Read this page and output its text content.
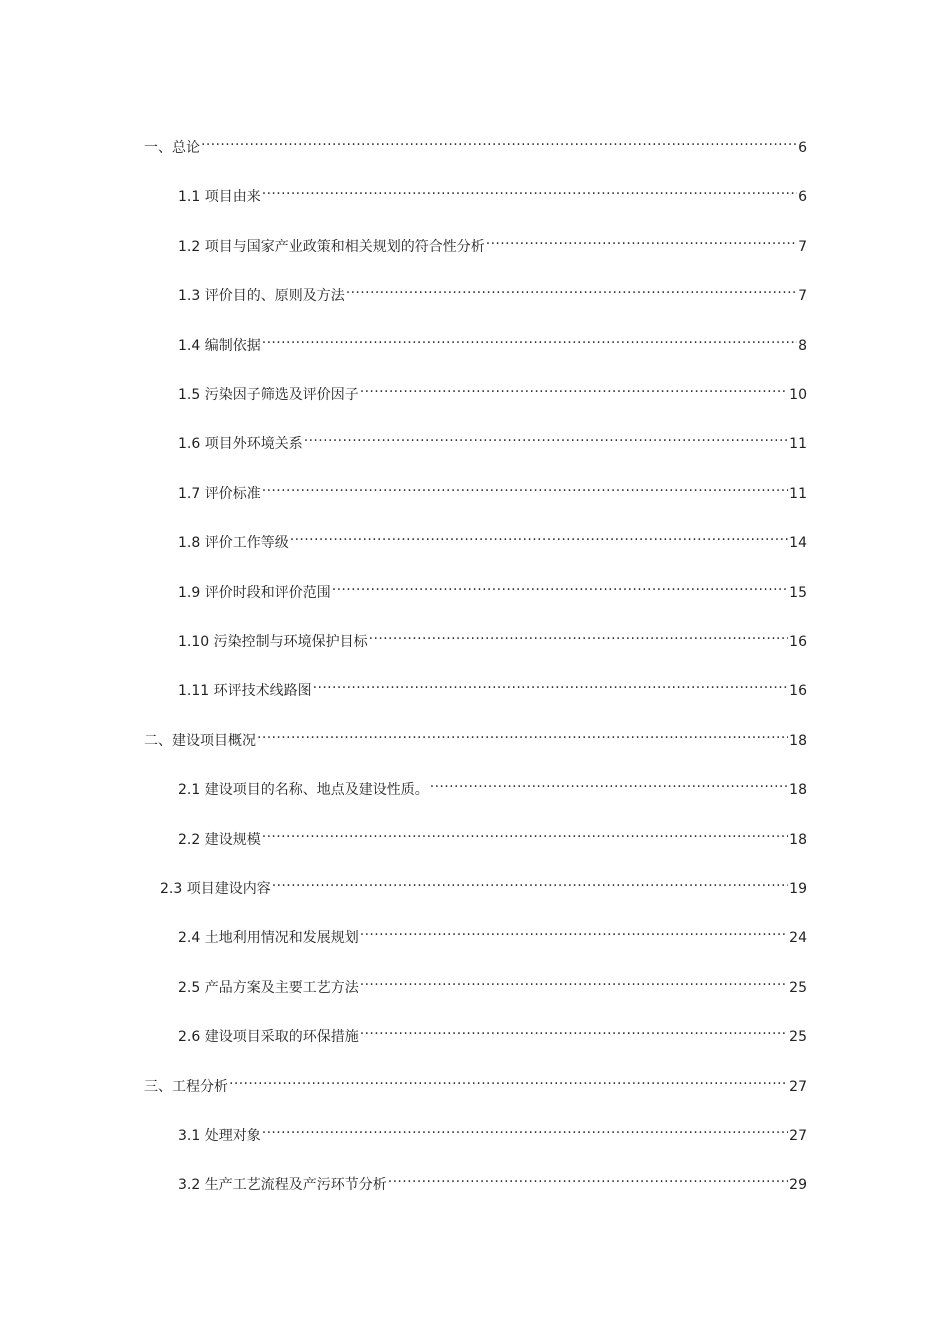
一、总论 .....	6
1.1 项目由来 .....	6
1.2 项目与国家产业政策和相关规划的符合性分析 .....	7
1.3 评价目的、原则及方法 .....	7
1.4 编制依据 .....	8
1.5 污染因子筛选及评价因子 .....	10
1.6 项目外环境关系 .....	11
1.7 评价标准 .....	11
1.8 评价工作等级 .....	14
1.9 评价时段和评价范围 .....	15
1.10 污染控制与环境保护目标 .....	16
1.11 环评技术线路图 .....	16
二、建设项目概况 .....	18
2.1 建设项目的名称、地点及建设性质。 .....	18
2.2 建设规模 .....	18
2.3 项目建设内容 .....	19
2.4 土地利用情况和发展规划 .....	24
2.5 产品方案及主要工艺方法 .....	25
2.6 建设项目采取的环保措施 .....	25
三、工程分析 .....	27
3.1 处理对象 .....	27
3.2 生产工艺流程及产污环节分析 .....	29
